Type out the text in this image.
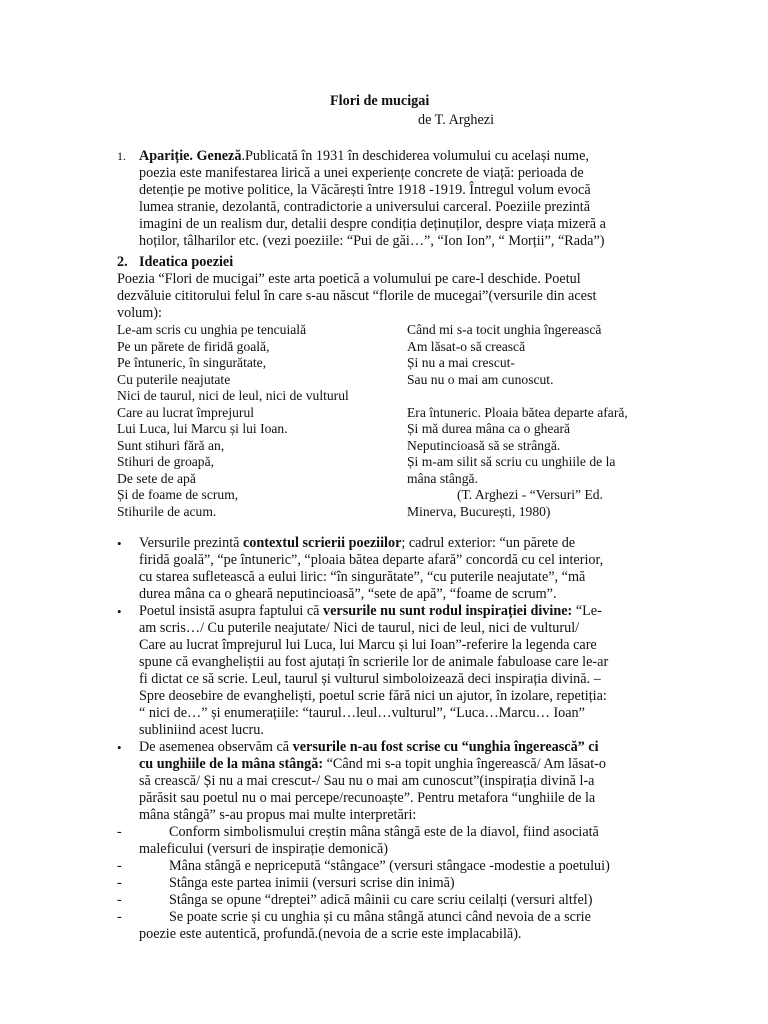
Flori de mucigai
de T. Arghezi
1. Apariție. Geneză.Publicată în 1931 în deschiderea volumului cu același nume,
poezia este manifestarea lirică a unei experiențe concrete de viață: perioada de
detenție pe motive politice, la Văcărești între 1918 -1919. Întregul volum evocă
lumea stranie, dezolantă, contradictorie a universului carceral. Poeziile prezintă
imagini de un realism dur, detalii despre condiția deținuților, despre viața mizeră a
hoților, tâlharilor etc. (vezi poeziile: “Pui de găi…”, “Ion Ion”, “ Morții”, “Rada”)
2. Ideatica poeziei
Poezia “Flori de mucigai” este arta poetică a volumului pe care-l deschide. Poetul
dezvăluie cititorului felul în care s-au născut “florile de mucegai”(versurile din acest
volum):
Le-am scris cu unghia pe tencuială
Pe un părete de firidă goală,
Pe întuneric, în singurătate,
Cu puterile neajutate
Nici de taurul, nici de leul, nici de vulturul
Care au lucrat împrejurul
Lui Luca, lui Marcu și lui Ioan.
Sunt stihuri fără an,
Stihuri de groapă,
De sete de apă
Și de foame de scrum,
Stihurile de acum.
Când mi s-a tocit unghia îngerească
Am lăsat-o să crească
Și nu a mai crescut-
Sau nu o mai am cunoscut.
Era întuneric. Ploaia bătea departe afară,
Și mă durea mâna ca o gheară
Neputincioasă să se strângă.
Și m-am silit să scriu cu unghiile de la
mâna stângă.
(T. Arghezi - “Versuri” Ed.
Minerva, București, 1980)
• Versurile prezintă contextul scrierii poeziilor; cadrul exterior: “un părete de
firidă goală”, “pe întuneric”, “ploaia bătea departe afară” concordă cu cel interior,
cu starea sufletească a eului liric: “în singurătate”, “cu puterile neajutate”, “mă
durea mâna ca o gheară neputincioasă”, “sete de apă”, “foame de scrum”.
• Poetul insistă asupra faptului că versurile nu sunt rodul inspirației divine: “Le-
am scris…/ Cu puterile neajutate/ Nici de taurul, nici de leul, nici de vulturul/
Care au lucrat împrejurul lui Luca, lui Marcu și lui Ioan”-referire la legenda care
spune că evangheliștii au fost ajutați în scrierile lor de animale fabuloase care le-ar
fi dictat ce să scrie. Leul, taurul și vulturul simboloizează deci inspirația divină. –
Spre deosebire de evangheliști, poetul scrie fără nici un ajutor, în izolare, repetiția:
“ nici de…” și enumerațiile: “taurul…leul…vulturul”, “Luca…Marcu… Ioan”
subliniind acest lucru.
• De asemenea observăm că versurile n-au fost scrise cu “unghia îngerească” ci
cu unghiile de la mâna stângă: “Când mi s-a topit unghia îngerească/ Am lăsat-o
să crească/ Și nu a mai crescut-/ Sau nu o mai am cunoscut”(inspirația divină l-a
părăsit sau poetul nu o mai percepe/recunoaște”. Pentru metafora “unghiile de la
mâna stângă” s-au propus mai multe interpretări:
-	Conform simbolismului creștin mâna stângă este de la diavol, fiind asociată
maleficului (versuri de inspirație demonică)
-	Mâna stângă e nepricepută “stângace” (versuri stângace -modestie a poetului)
-	Stânga este partea inimii (versuri scrise din inimă)
-	Stânga se opune “dreptei” adică mâinii cu care scriu ceilalți (versuri altfel)
-	Se poate scrie și cu unghia și cu mâna stângă atunci când nevoia de a scrie
poezie este autentică, profundă.(nevoia de a scrie este implacabilă).
